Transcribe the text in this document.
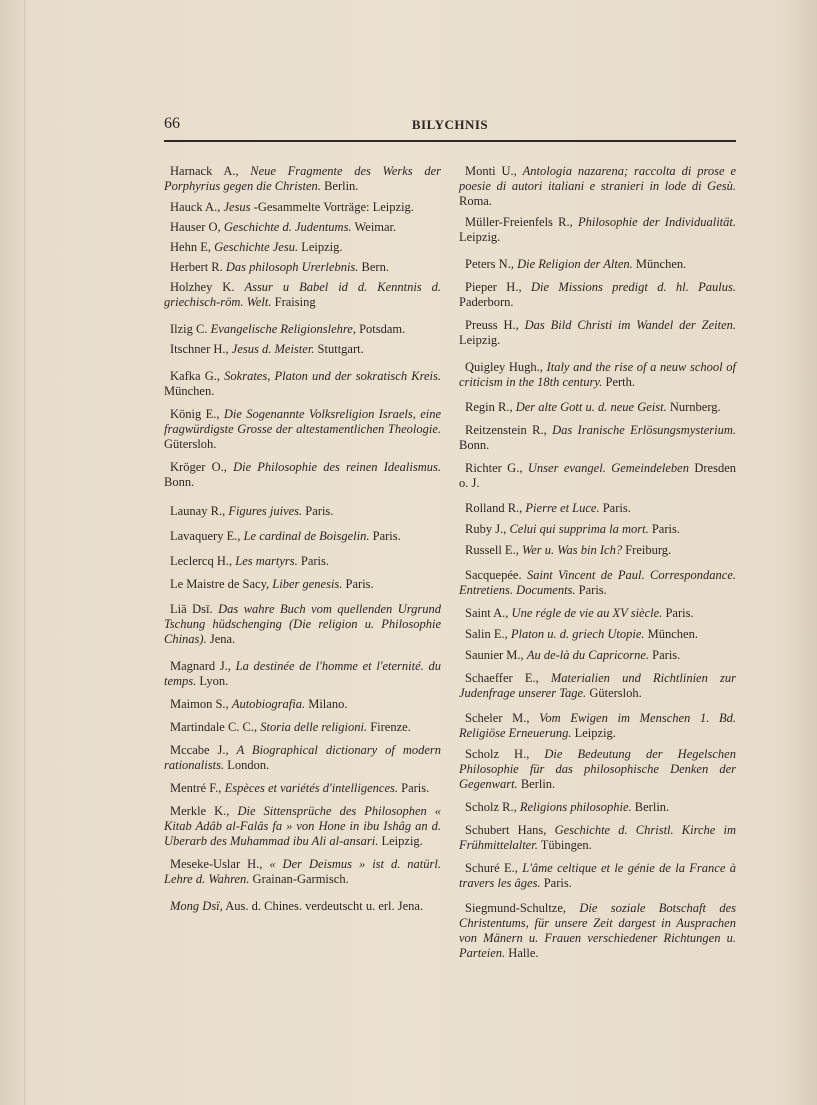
66	BILYCHNIS

Harnack A., Neue Fragmente des Werks der Porphyrius gegen die Christen. Berlin.

Hauck A., Jesus -Gesammelte Vorträge: Leipzig.

Hauser O, Geschichte d. Judentums. Weimar.

Hehn E, Geschichte Jesu. Leipzig.

Herbert R. Das philosoph Urerlebnis. Bern.

Holzhey K. Assur u Babel id d. Kenntnis d. griechisch-röm. Welt. Fraising

Ilzig C. Evangelische Religionslehre, Potsdam.

Itschner H., Jesus d. Meister. Stuttgart.

Kafka G., Sokrates, Platon und der sokratisch Kreis. München.

König E., Die Sogenannte Volksreligion Israels, eine fragwürdigste Grosse der altestamentlichen Theologie. Gütersloh.

Kröger O., Die Philosophie des reinen Idealismus. Bonn.

Launay R., Figures juives. Paris.

Lavaquery E., Le cardinal de Boisgelin. Paris.

Leclercq H., Les martyrs. Paris.

Le Maistre de Sacy, Liber genesis. Paris.

Liä Dsī. Das wahre Buch vom quellenden Urgrund Tschung hüdschenging (Die religion u. Philosophie Chinas). Jena.

Magnard J., La destinée de l'homme et l'eternité. du temps. Lyon.

Maimon S., Autobiografia. Milano.

Martindale C. C., Storia delle religioni. Firenze.

Mccabe J., A Biographical dictionary of modern rationalists. London.

Mentré F., Espèces et variétés d'intelligences. Paris.

Merkle K., Die Sittensprüche des Philosophen « Kitab Adâb al-Falâs fa » von Hone in ibu Ishâg an d. Uberarb des Muhammad ibu Ali al-ansari. Leipzig.

Meseke-Uslar H., « Der Deismus » ist d. natürl. Lehre d. Wahren. Grainan-Garmisch.

Mong Dsï, Aus. d. Chines. verdeutscht u. erl. Jena.

Monti U., Antologia nazarena; raccolta di prose e poesie di autori italiani e stranieri in lode di Gesù. Roma.

Müller-Freienfels R., Philosophie der Individualität. Leipzig.

Peters N., Die Religion der Alten. München.

Pieper H., Die Missions predigt d. hl. Paulus. Paderborn.

Preuss H., Das Bild Christi im Wandel der Zeiten. Leipzig.

Quigley Hugh., Italy and the rise of a neuw school of criticism in the 18th century. Perth.

Regin R., Der alte Gott u. d. neue Geist. Nurnberg.

Reitzenstein R., Das Iranische Erlösungsmysterium. Bonn.

Richter G., Unser evangel. Gemeindeleben Dresden o. J.

Rolland R., Pierre et Luce. Paris.

Ruby J., Celui qui supprima la mort. Paris.

Russell E., Wer u. Was bin Ich? Freiburg.

Sacquepée. Saint Vincent de Paul. Correspondance. Entretiens. Documents. Paris.

Saint A., Une régle de vie au XV siècle. Paris.

Salin E., Platon u. d. griech Utopie. München.

Saunier M., Au de-là du Capricorne. Paris.

Schaeffer E., Materialien und Richtlinien zur Judenfrage unserer Tage. Gütersloh.

Scheler M., Vom Ewigen im Menschen 1. Bd. Religiöse Erneuerung. Leipzig.

Scholz H., Die Bedeutung der Hegelschen Philosophie für das philosophische Denken der Gegenwart. Berlin.

Scholz R., Religions philosophie. Berlin.

Schubert Hans, Geschichte d. Christl. Kirche im Frühmittelalter. Tübingen.

Schuré E., L'âme celtique et le génie de la France à travers les âges. Paris.

Siegmund-Schultze, Die soziale Botschaft des Christentums, für unsere Zeit dargest in Ausprachen von Mänern u. Frauen verschiedener Richtungen u. Parteien. Halle.
